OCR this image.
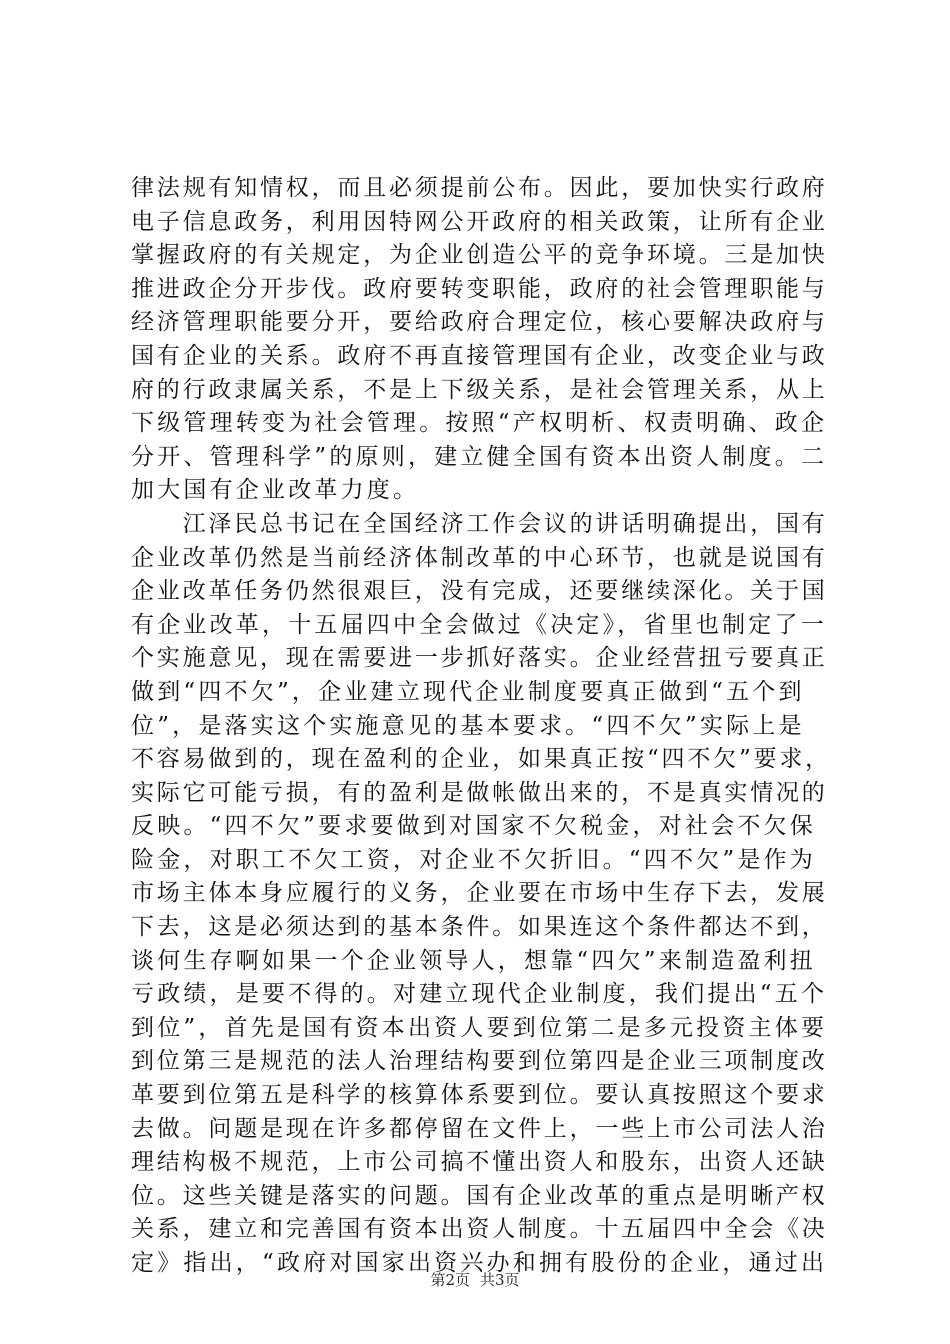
律法规有知情权，而且必须提前公布。因此，要加快实行政府
电子信息政务，利用因特网公开政府的相关政策，让所有企业
掌握政府的有关规定，为企业创造公平的竞争环境。三是加快
推进政企分开步伐。政府要转变职能，政府的社会管理职能与
经济管理职能要分开，要给政府合理定位，核心要解决政府与
国有企业的关系。政府不再直接管理国有企业，改变企业与政
府的行政隶属关系，不是上下级关系，是社会管理关系，从上
下级管理转变为社会管理。按照“产权明析、权责明确、政企
分开、管理科学”的原则，建立健全国有资本出资人制度。二
加大国有企业改革力度。
　　江泽民总书记在全国经济工作会议的讲话明确提出，国有
企业改革仍然是当前经济体制改革的中心环节，也就是说国有
企业改革任务仍然很艰巨，没有完成，还要继续深化。关于国
有企业改革，十五届四中全会做过《决定》，省里也制定了一
个实施意见，现在需要进一步抓好落实。企业经营扭亏要真正
做到“四不欠”，企业建立现代企业制度要真正做到“五个到
位”，是落实这个实施意见的基本要求。“四不欠”实际上是
不容易做到的，现在盈利的企业，如果真正按“四不欠”要求，
实际它可能亏损，有的盈利是做帐做出来的，不是真实情况的
反映。“四不欠”要求要做到对国家不欠税金，对社会不欠保
险金，对职工不欠工资，对企业不欠折旧。“四不欠”是作为
市场主体本身应履行的义务，企业要在市场中生存下去，发展
下去，这是必须达到的基本条件。如果连这个条件都达不到，
谈何生存啊如果一个企业领导人，想靠“四欠”来制造盈利扭
亏政绩，是要不得的。对建立现代企业制度，我们提出“五个
到位”，首先是国有资本出资人要到位第二是多元投资主体要
到位第三是规范的法人治理结构要到位第四是企业三项制度改
革要到位第五是科学的核算体系要到位。要认真按照这个要求
去做。问题是现在许多都停留在文件上，一些上市公司法人治
理结构极不规范，上市公司搞不懂出资人和股东，出资人还缺
位。这些关键是落实的问题。国有企业改革的重点是明晰产权
关系，建立和完善国有资本出资人制度。十五届四中全会《决
定》指出，“政府对国家出资兴办和拥有股份的企业，通过出
第2页 共3页
